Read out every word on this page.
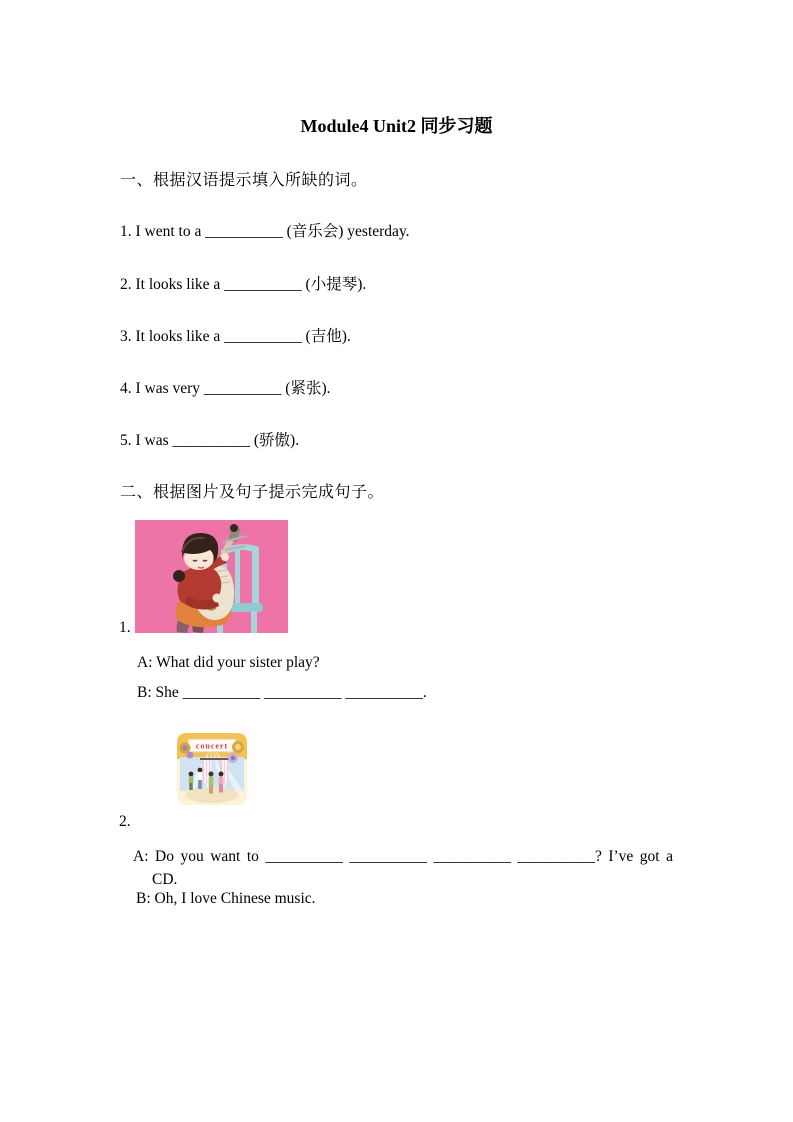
Module4 Unit2 同步习题
一、根据汉语提示填入所缺的词。
1. I went to a __________ (音乐会) yesterday.
2. It looks like a __________ (小提琴).
3. It looks like a __________ (吉他).
4. I was very __________ (紧张).
5. I was __________ (骄傲).
二、根据图片及句子提示完成句子。
1.
A: What did your sister play?
B: She __________ __________ __________.
concert
2.
A: Do you want to __________ __________ __________ __________? I’ve got a
CD.
B: Oh, I love Chinese music.
